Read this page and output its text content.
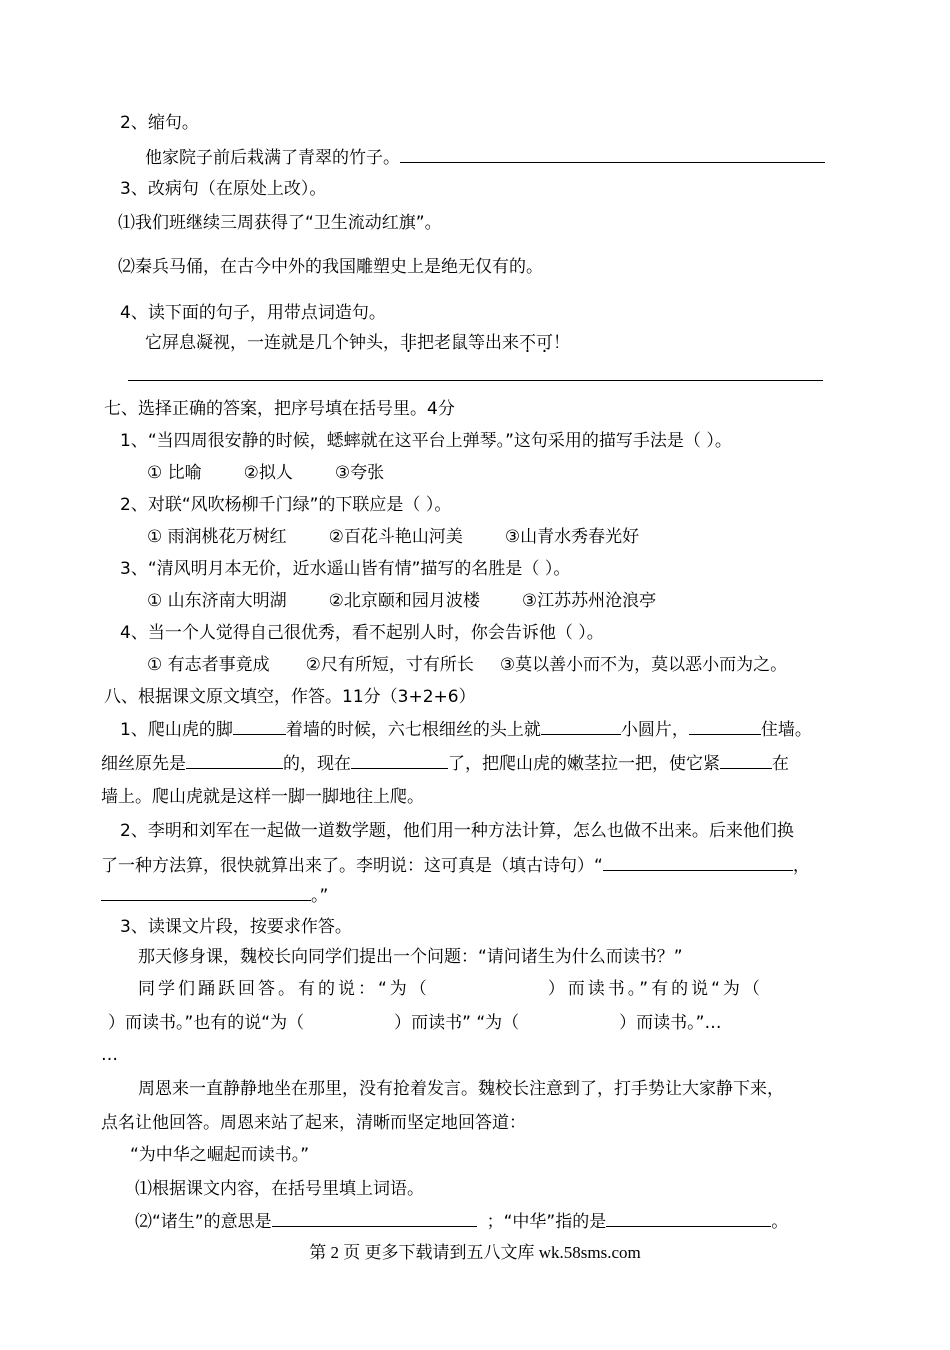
2、缩句。
他家院子前后栽满了青翠的竹子。
3、改病句（在原处上改）。
⑴我们班继续三周获得了“卫生流动红旗”。
⑵秦兵马俑，在古今中外的我国雕塑史上是绝无仅有的。
4、读下面的句子，用带点词造句。
它屏息凝视，一连就是几个钟头，非把老鼠等出来不可！
七、选择正确的答案，把序号填在括号里。4分
1、“当四周很安静的时候，蟋蟀就在这平台上弹琴。”这句采用的描写手法是（ ）。
① 比喻 ②拟人 ③夸张
2、对联“风吹杨柳千门绿”的下联应是（ ）。
① 雨润桃花万树红 ②百花斗艳山河美 ③山青水秀春光好
3、“清风明月本无价，近水遥山皆有情”描写的名胜是（ ）。
① 山东济南大明湖 ②北京颐和园月波楼 ③江苏苏州沧浪亭
4、当一个人觉得自己很优秀，看不起别人时，你会告诉他（ ）。
① 有志者事竟成 ②尺有所短，寸有所长 ③莫以善小而不为，莫以恶小而为之。
八、根据课文原文填空，作答。11分（3+2+6）
1、爬山虎的脚	着墙的时候，六七根细丝的头上就	小圆片，	住墙。
细丝原先是	的，现在	了，把爬山虎的嫩茎拉一把，使它紧	在
墙上。爬山虎就是这样一脚一脚地往上爬。
2、李明和刘军在一起做一道数学题，他们用一种方法计算，怎么也做不出来。后来他们换
了一种方法算，很快就算出来了。李明说：这可真是（填古诗句）“	，
。”
3、读课文片段，按要求作答。
那天修身课，魏校长向同学们提出一个问题：“请问诸生为什么而读书？”
同学们踊跃回答。有的说：“为（	）而读书。”有的说“为（
）而读书。”也有的说“为（	）而读书” “为（	）而读书。”…
…
周恩来一直静静地坐在那里，没有抢着发言。魏校长注意到了，打手势让大家静下来，
点名让他回答。周恩来站了起来，清晰而坚定地回答道：
“为中华之崛起而读书。”
⑴根据课文内容，在括号里填上词语。
⑵“诸生”的意思是	；“中华”指的是	。
第 2 页 更多下载请到五八文库 wk.58sms.com
